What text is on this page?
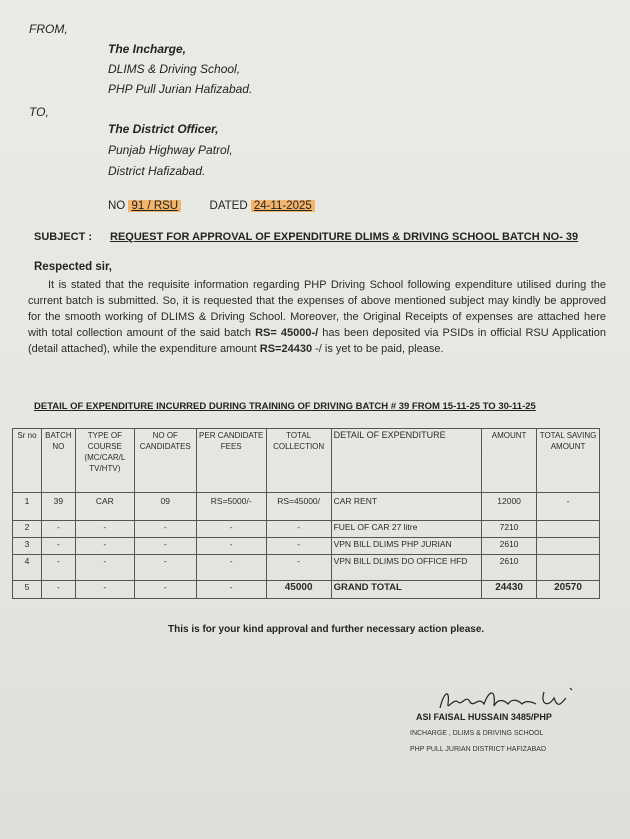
FROM,
The Incharge,
DLIMS & Driving School,
PHP Pull Jurian Hafizabad.
TO,
The District Officer,
Punjab Highway Patrol,
District Hafizabad.
NO 91 / RSU	DATED 24-11-2025
SUBJECT : REQUEST FOR APPROVAL OF EXPENDITURE DLIMS & DRIVING SCHOOL BATCH NO- 39
Respected sir,

It is stated that the requisite information regarding PHP Driving School following expenditure utilised during the current batch is submitted. So, it is requested that the expenses of above mentioned subject may kindly be approved for the smooth working of DLIMS & Driving School. Moreover, the Original Receipts of expenses are attached here with total collection amount of the said batch RS= 45000-/ has been deposited via PSIDs in official RSU Application (detail attached), while the expenditure amount RS=24430 -/ is yet to be paid, please.

DETAIL OF EXPENDITURE INCURRED DURING TRAINING OF DRIVING BATCH # 39 FROM 15-11-25 TO 30-11-25
Sr no	BATCH NO	TYPE OF COURSE (MC/CAR/L TV/HTV)	NO OF CANDIDATES	PER CANDIDATE FEES	TOTAL COLLECTION	DETAIL OF EXPENDITURE	AMOUNT	TOTAL SAVING AMOUNT
1	39	CAR	09	RS=5000/-	RS=45000/	CAR RENT	12000	-
2	-	-	-	-	-	FUEL OF CAR 27 litre	7210	
3	-	-	-	-	-	VPN BILL DLIMS PHP JURIAN	2610	
4	-	-	-	-	-	VPN BILL DLIMS DO OFFICE HFD	2610	
5	-	-	-	-	45000	GRAND TOTAL	24430	20570
This is for your kind approval and further necessary action please.
ASI FAISAL HUSSAIN 3485/PHP
INCHARGE , DLIMS & DRIVING SCHOOL
PHP PULL JURIAN DISTRICT HAFIZABAD
